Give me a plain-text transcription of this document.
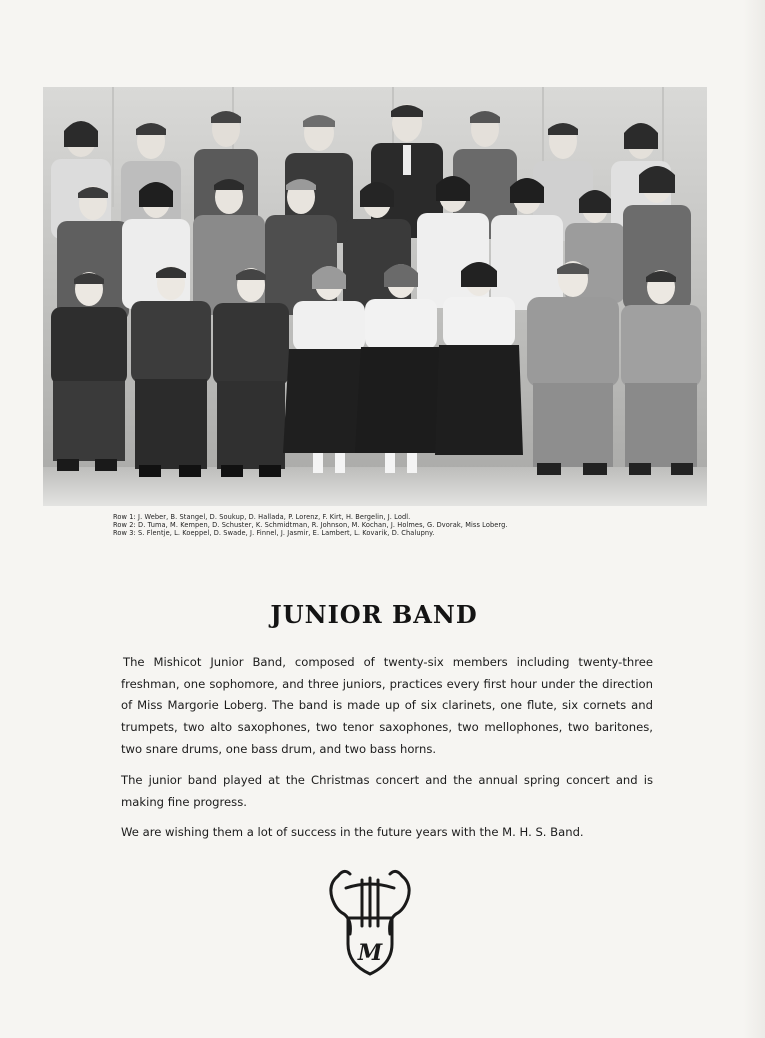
Row 1: J. Weber, B. Stangel, D. Soukup, D. Hallada, P. Lorenz, F. Kirt, H. Bergelin, J. Lodl.
Row 2: D. Tuma, M. Kempen, D. Schuster, K. Schmidtman, R. Johnson, M. Kochan, J. Holmes, G. Dvorak, Miss Loberg.
Row 3: S. Flentje, L. Koeppel, D. Swade, J. Finnel, J. Jasmir, E. Lambert, L. Kovarik, D. Chalupny.
JUNIOR BAND

The Mishicot Junior Band, composed of twenty-six members including twenty-three freshman, one sophomore, and three juniors, practices every first hour under the direction of Miss Margorie Loberg. The band is made up of six clarinets, one flute, six cornets and trumpets, two alto saxophones, two tenor saxophones, two mellophones, two baritones, two snare drums, one bass drum, and two bass horns.

The junior band played at the Christmas concert and the annual spring concert and is making fine progress.

We are wishing them a lot of success in the future years with the M. H. S. Band.

M
